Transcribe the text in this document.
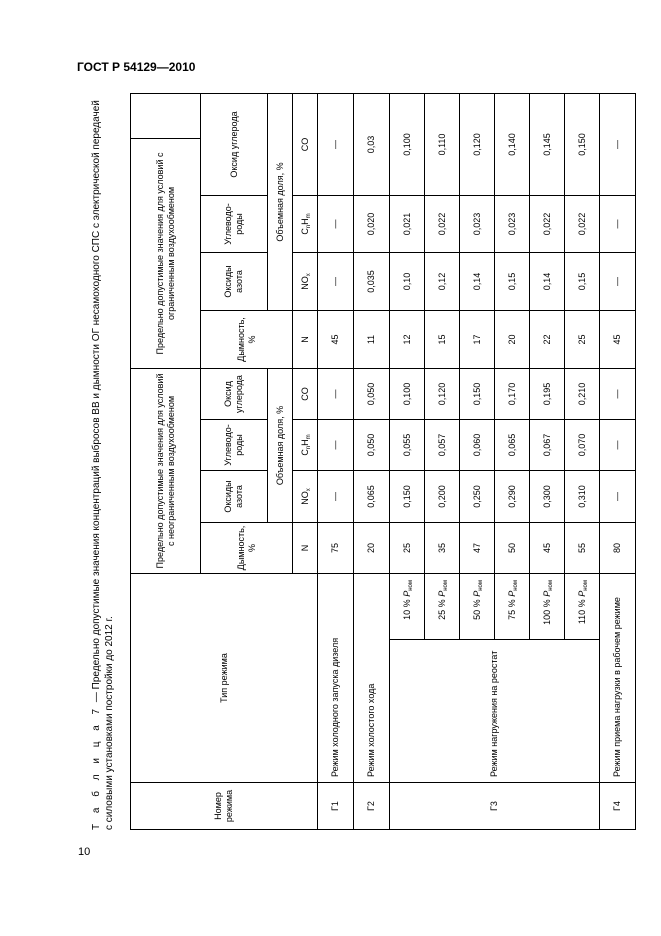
ГОСТ Р 54129—2010
Т а б л и ц а 7 — Предельно допустимые значения концентраций выбросов ВВ и дымности ОГ несамоходного СПС с электрической передачей с силовыми установками постройки до 2012 г.	Номер режима	Тип режима		Предельно допустимые значения для условий с неограниченным воздухообменом				Предельно допустимые значения для условий с ограниченным воздухообменом				
			Дымность, %	Оксиды азота	Углеводо-роды	Оксид углерода	Дымность, %	Оксиды азота	Углеводо-роды	Оксид углерода	
				Объемная доля, %				Объемная доля, %			
			N	$NO_x$	$C_nH_m$	CO	N	$NO_x$	$C_nH_m$	CO	
Г1	Режим холодного запуска дизеля		75	—	—	—	45	—	—	—	
Г2	Режим холостого хода		20	0,065	0,050	0,050	11	0,035	0,020	0,03	
Г3	Режим нагружения на реостат	10 % $P_{ном}$	25	0,150	0,055	0,100	12	0,10	0,021	0,100	
		25 % $P_{ном}$	35	0,200	0,057	0,120	15	0,12	0,022	0,110	
		50 % $P_{ном}$	47	0,250	0,060	0,150	17	0,14	0,023	0,120	
		75 % $P_{ном}$	50	0,290	0,065	0,170	20	0,15	0,023	0,140	
		100 % $P_{ном}$	45	0,300	0,067	0,195	22	0,14	0,022	0,145	
		110 % $P_{ном}$	55	0,310	0,070	0,210	25	0,15	0,022	0,150	
Г4	Режим приема нагрузки в рабочем режиме		80	—	—	—	45	—	—	—	
10
